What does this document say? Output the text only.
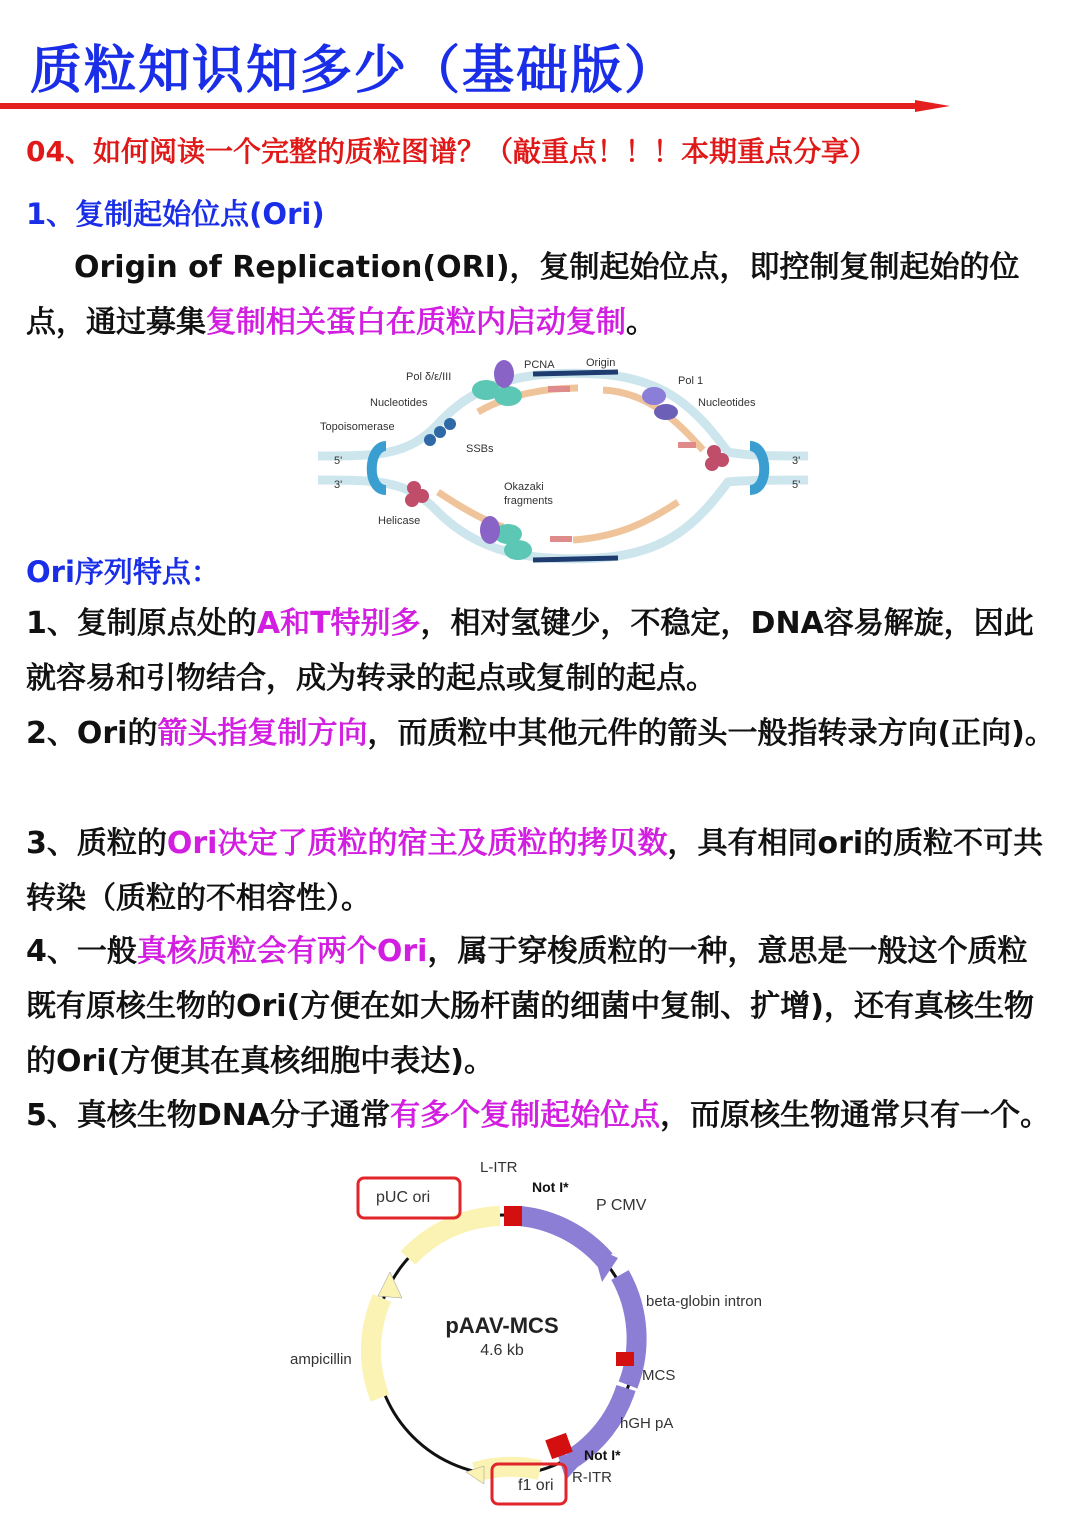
质粒知识知多少（基础版）
04、如何阅读一个完整的质粒图谱？（敲重点！！！本期重点分享）
1、复制起始位点(Ori)
Origin of Replication(ORI)，复制起始位点，即控制复制起始的位点，通过募集复制相关蛋白在质粒内启动复制。
Pol δ/ε/III
PCNA	Origin
Pol 1
Nucleotides	Nucleotides
Topoisomerase
SSBs
5'
3'
3'
5'
Okazaki
fragments
Helicase
Ori序列特点：
1、复制原点处的A和T特别多，相对氢键少，不稳定，DNA容易解旋，因此就容易和引物结合，成为转录的起点或复制的起点。
2、Ori的箭头指复制方向，而质粒中其他元件的箭头一般指转录方向(正向)。
3、质粒的Ori决定了质粒的宿主及质粒的拷贝数，具有相同ori的质粒不可共转染（质粒的不相容性）。
4、一般真核质粒会有两个Ori，属于穿梭质粒的一种，意思是一般这个质粒既有原核生物的Ori(方便在如大肠杆菌的细菌中复制、扩增)，还有真核生物的Ori(方便其在真核细胞中表达)。
5、真核生物DNA分子通常有多个复制起始位点，而原核生物通常只有一个。
pAAV-MCS
4.6 kb
L-ITR
Not I*
P CMV
beta-globin intron
MCS
hGH pA
Not I*
R-ITR
f1 ori
ampicillin
pUC ori
